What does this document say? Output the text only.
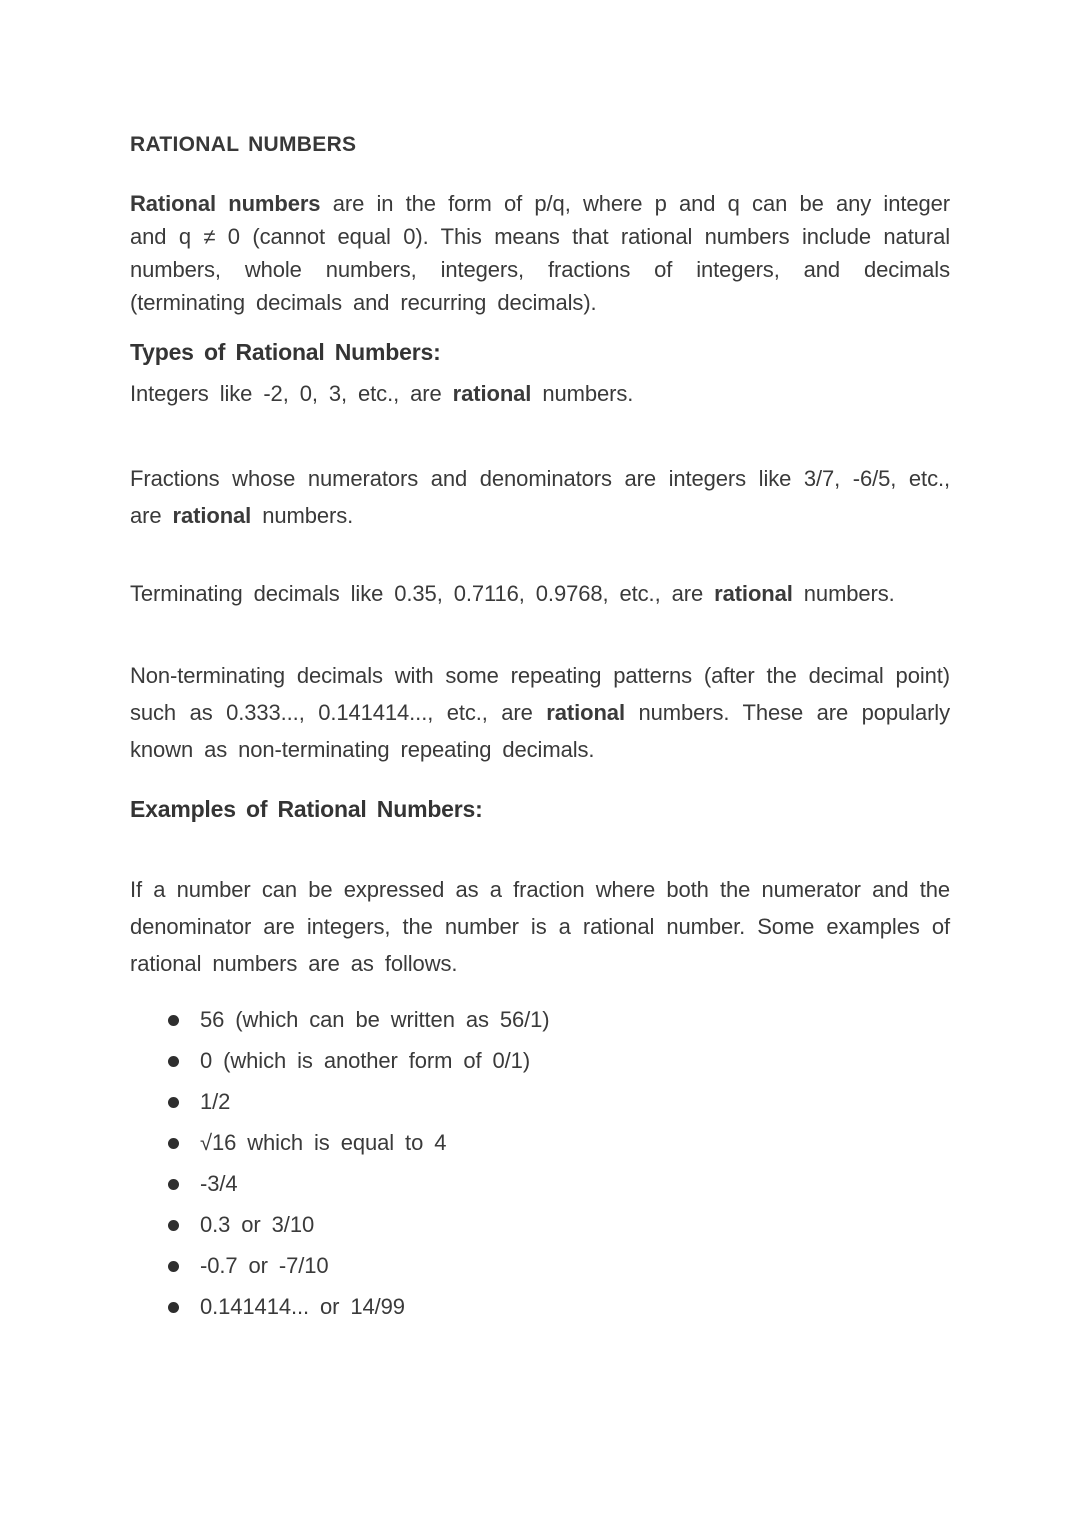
RATIONAL NUMBERS

Rational numbers are in the form of p/q, where p and q can be any integer and q ≠ 0 (cannot equal 0). This means that rational numbers include natural numbers, whole numbers, integers, fractions of integers, and decimals (terminating decimals and recurring decimals).

Types of Rational Numbers:

Integers like -2, 0, 3, etc., are rational numbers.

Fractions whose numerators and denominators are integers like 3/7, -6/5, etc., are rational numbers.

Terminating decimals like 0.35, 0.7116, 0.9768, etc., are rational numbers.

Non-terminating decimals with some repeating patterns (after the decimal point) such as 0.333..., 0.141414..., etc., are rational numbers. These are popularly known as non-terminating repeating decimals.

Examples of Rational Numbers:

If a number can be expressed as a fraction where both the numerator and the denominator are integers, the number is a rational number. Some examples of rational numbers are as follows.

56 (which can be written as 56/1)
0 (which is another form of 0/1)
1/2
√16 which is equal to 4
-3/4
0.3 or 3/10
-0.7 or -7/10
0.141414... or 14/99
